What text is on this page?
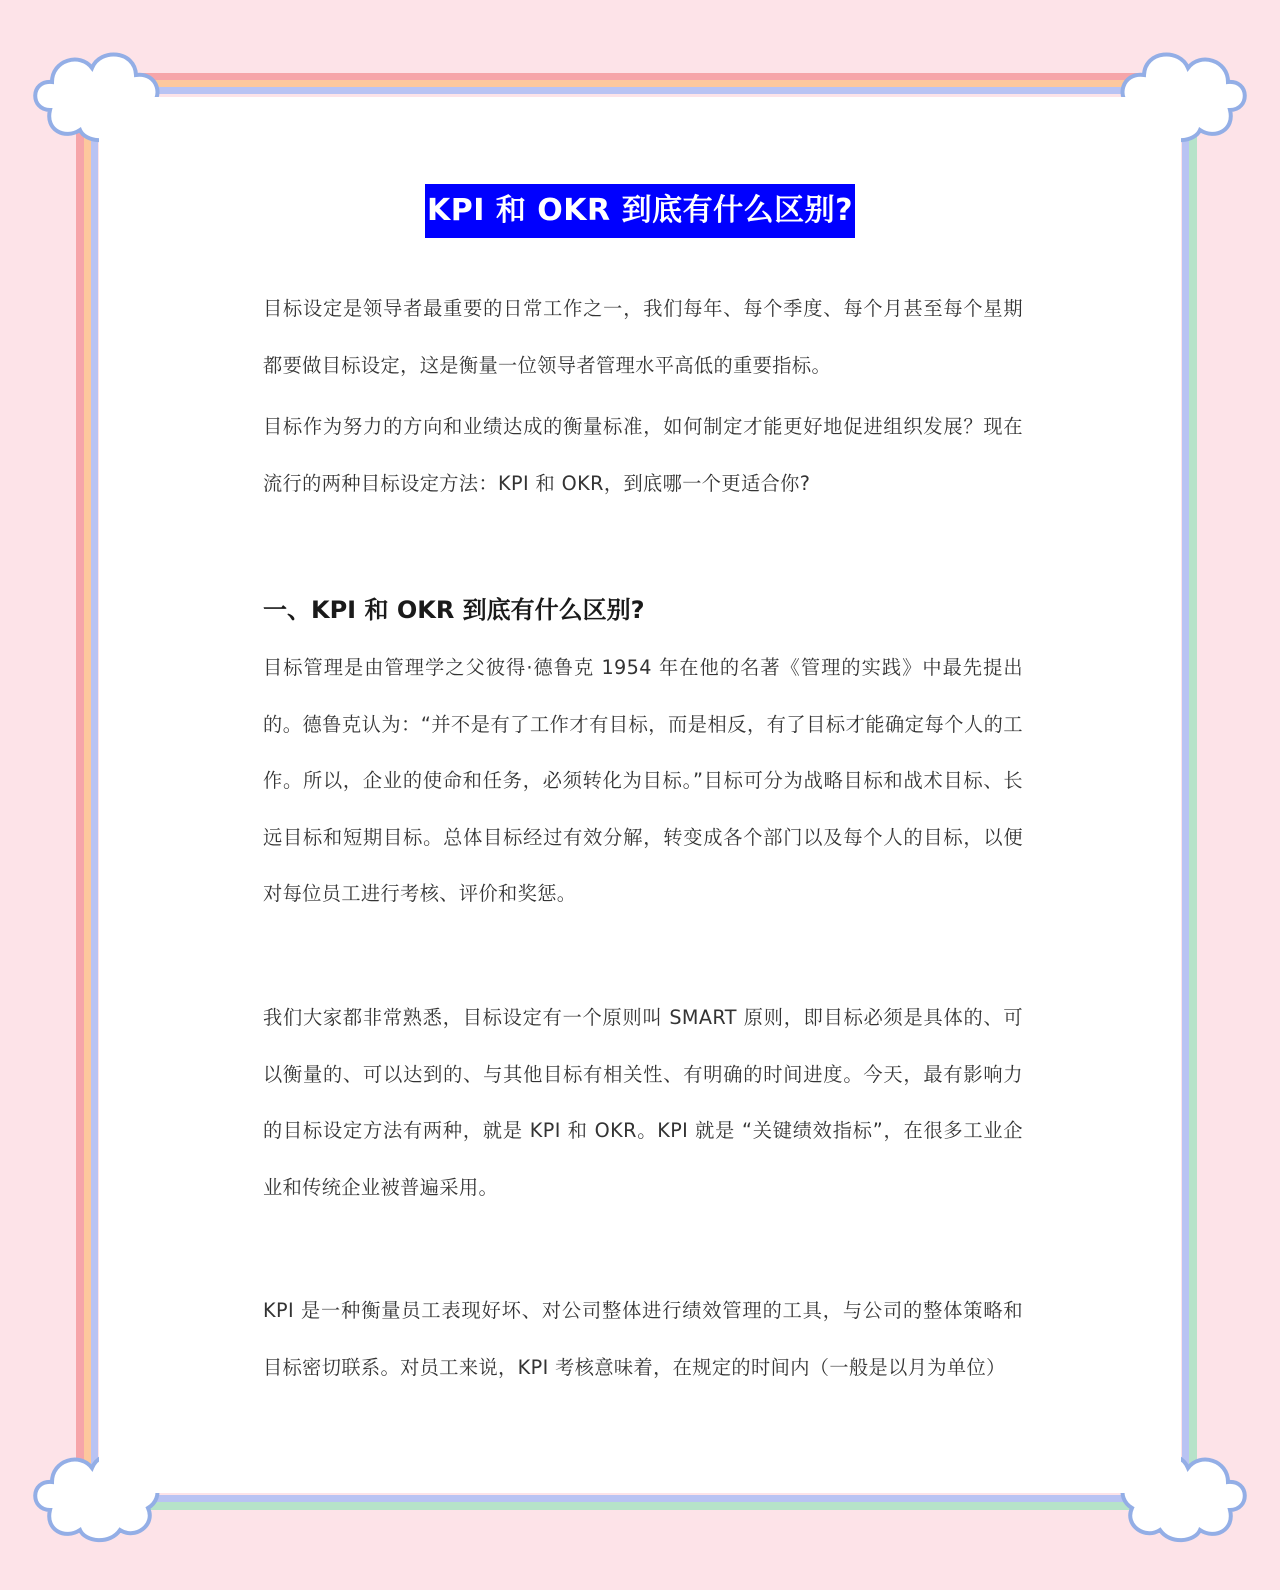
KPI 和 OKR 到底有什么区别?

目标设定是领导者最重要的日常工作之一，我们每年、每个季度、每个月甚至每个星期都要做目标设定，这是衡量一位领导者管理水平高低的重要指标。

目标作为努力的方向和业绩达成的衡量标准，如何制定才能更好地促进组织发展？现在流行的两种目标设定方法：KPI 和 OKR，到底哪一个更适合你?

一、KPI 和 OKR 到底有什么区别?

目标管理是由管理学之父彼得·德鲁克 1954 年在他的名著《管理的实践》中最先提出的。德鲁克认为：“并不是有了工作才有目标，而是相反，有了目标才能确定每个人的工作。所以，企业的使命和任务，必须转化为目标。”目标可分为战略目标和战术目标、长远目标和短期目标。总体目标经过有效分解，转变成各个部门以及每个人的目标，以便对每位员工进行考核、评价和奖惩。

我们大家都非常熟悉，目标设定有一个原则叫 SMART 原则，即目标必须是具体的、可以衡量的、可以达到的、与其他目标有相关性、有明确的时间进度。今天，最有影响力的目标设定方法有两种，就是 KPI 和 OKR。KPI 就是 “关键绩效指标”，在很多工业企业和传统企业被普遍采用。

KPI 是一种衡量员工表现好坏、对公司整体进行绩效管理的工具，与公司的整体策略和目标密切联系。对员工来说，KPI 考核意味着，在规定的时间内（一般是以月为单位）
